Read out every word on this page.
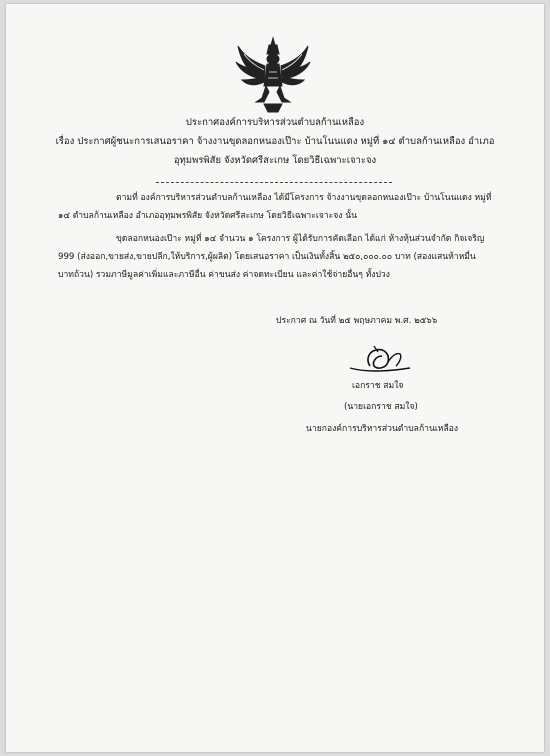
ประกาศองค์การบริหารส่วนตำบลก้านเหลือง
เรื่อง ประกาศผู้ชนะการเสนอราคา จ้างงานขุดลอกหนองเป๊าะ บ้านโนนแดง หมู่ที่ ๑๔ ตำบลก้านเหลือง อำเภอ
อุทุมพรพิสัย จังหวัดศรีสะเกษ โดยวิธีเฉพาะเจาะจง
ตามที่ องค์การบริหารส่วนตำบลก้านเหลือง ได้มีโครงการ จ้างงานขุดลอกหนองเป๊าะ บ้านโนนแดง หมู่ที่
๑๔ ตำบลก้านเหลือง อำเภออุทุมพรพิสัย จังหวัดศรีสะเกษ โดยวิธีเฉพาะเจาะจง นั้น
ขุดลอกหนองเป๊าะ หมู่ที่ ๑๔ จำนวน ๑ โครงการ ผู้ได้รับการคัดเลือก ได้แก่ ห้างหุ้นส่วนจำกัด กิจเจริญ
999 (ส่งออก,ขายส่ง,ขายปลีก,ให้บริการ,ผู้ผลิต) โดยเสนอราคา เป็นเงินทั้งสิ้น ๒๕๐,๐๐๐.๐๐ บาท (สองแสนห้าหมื่น
บาทถ้วน) รวมภาษีมูลค่าเพิ่มและภาษีอื่น ค่าขนส่ง ค่าจดทะเบียน และค่าใช้จ่ายอื่นๆ ทั้งปวง
ประกาศ ณ วันที่ ๒๕ พฤษภาคม พ.ศ. ๒๕๖๖
เอกราช สมใจ
(นายเอกราช สมใจ)
นายกองค์การบริหารส่วนตำบลก้านเหลือง
